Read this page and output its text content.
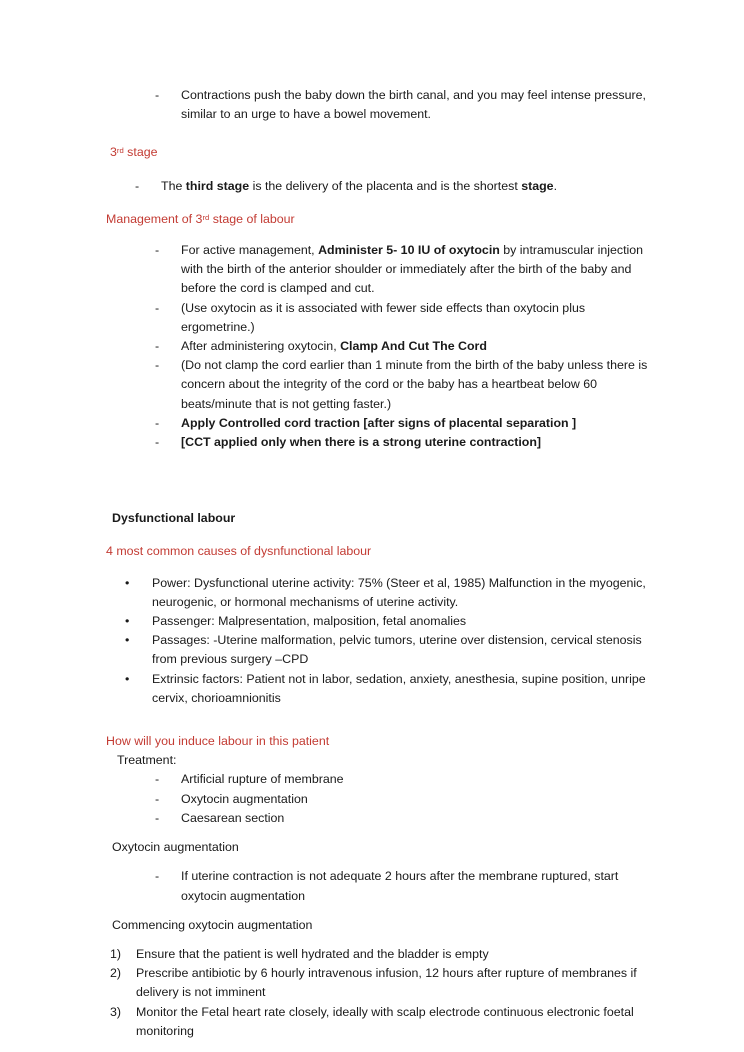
-	Contractions push the baby down the birth canal, and you may feel intense pressure, similar to an urge to have a bowel movement.
3rd stage
-	The third stage is the delivery of the placenta and is the shortest stage.
Management of 3rd stage of labour
-	For active management, Administer 5- 10 IU of oxytocin by intramuscular injection with the birth of the anterior shoulder or immediately after the birth of the baby and before the cord is clamped and cut.
-	(Use oxytocin as it is associated with fewer side effects than oxytocin plus ergometrine.)
-	After administering oxytocin, Clamp And Cut The Cord
-	(Do not clamp the cord earlier than 1 minute from the birth of the baby unless there is concern about the integrity of the cord or the baby has a heartbeat below 60 beats/minute that is not getting faster.)
-	Apply Controlled cord traction [after signs of placental separation ]
-	[CCT applied only when there is a strong uterine contraction]
Dysfunctional labour
4 most common causes of dysnfunctional labour
•	Power: Dysfunctional uterine activity: 75% (Steer et al, 1985) Malfunction in the myogenic, neurogenic, or hormonal mechanisms of uterine activity.
•	Passenger: Malpresentation, malposition, fetal anomalies
•	Passages: -Uterine malformation, pelvic tumors, uterine over distension, cervical stenosis from previous surgery –CPD
•	Extrinsic factors: Patient not in labor, sedation, anxiety, anesthesia, supine position, unripe cervix, chorioamnionitis
How will you induce labour in this patient
Treatment:
-	Artificial rupture of membrane
-	Oxytocin augmentation
-	Caesarean section
Oxytocin augmentation
-	If uterine contraction is not adequate 2 hours after the membrane ruptured, start oxytocin augmentation
Commencing oxytocin augmentation
1)	Ensure that the patient is well hydrated and the bladder is empty
2)	Prescribe antibiotic by 6 hourly intravenous infusion, 12 hours after rupture of membranes if delivery is not imminent
3)	Monitor the Fetal heart rate closely, ideally with scalp electrode continuous electronic foetal monitoring
